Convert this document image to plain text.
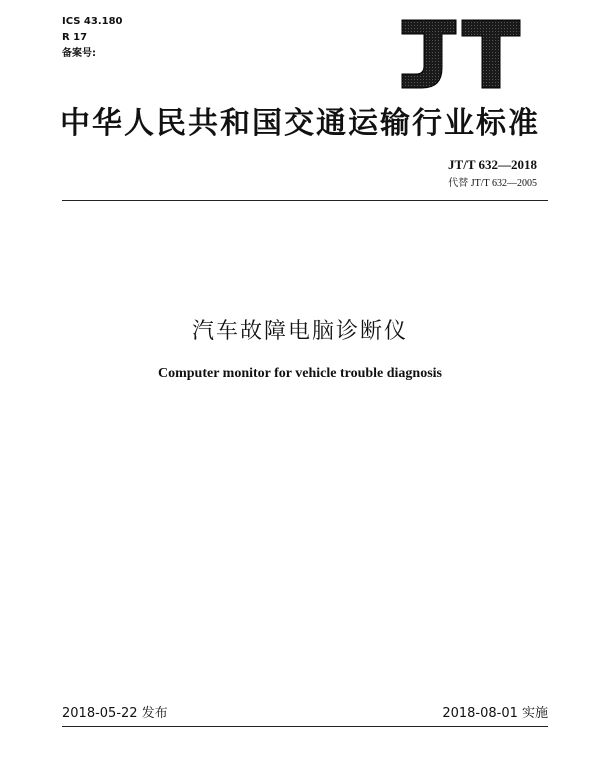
ICS 43.180
R 17
备案号:
中华人民共和国交通运输行业标准
JT/T 632—2018
代替 JT/T 632—2005
汽车故障电脑诊断仪
Computer monitor for vehicle trouble diagnosis
2018-05-22 发布	2018-08-01 实施
